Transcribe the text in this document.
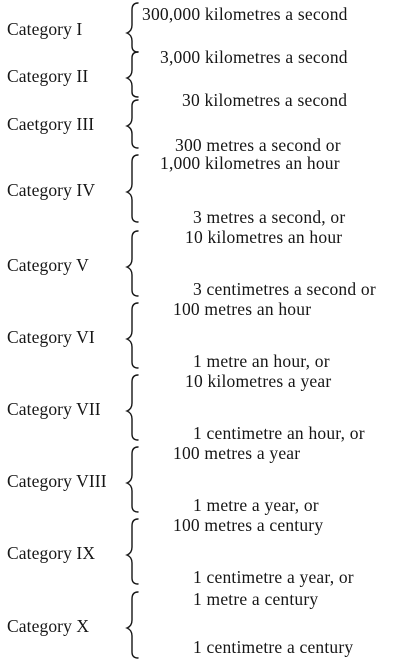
Category I
Category II
Caetgory III
Category IV
Category V
Category VI
Category VII
Category VIII
Category IX
Category X
300,000 kilometres a second
3,000 kilometres a second
30 kilometres a second
300 metres a second or
1,000 kilometres an hour
3 metres a second, or
10 kilometres an hour
3 centimetres a second or
100 metres an hour
1 metre an hour, or
10 kilometres a year
1 centimetre an hour, or
100 metres a year
1 metre a year, or
100 metres a century
1 centimetre a year, or
1 metre a century
1 centimetre a century
